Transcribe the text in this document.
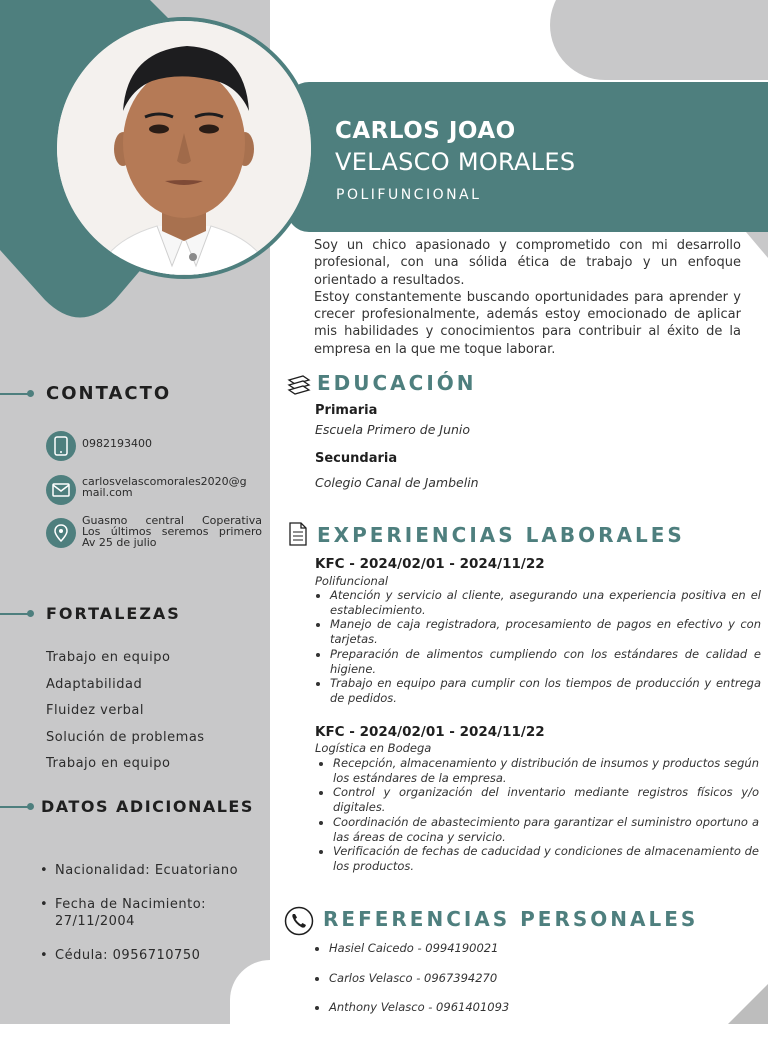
CARLOS JOAO
VELASCO MORALES
POLIFUNCIONAL
CONTACTO
0982193400
carlosvelascomorales2020@g
mail.com
Guasmo central Coperativa
Los últimos seremos primero
Av 25 de julio
FORTALEZAS
Trabajo en equipo
Adaptabilidad
Fluidez verbal
Solución de problemas
Trabajo en equipo
DATOS ADICIONALES
• Nacionalidad: Ecuatoriano
• Fecha de Nacimiento:
27/11/2004
• Cédula: 0956710750
Soy un chico apasionado y comprometido con mi desarrollo profesional, con una sólida ética de trabajo y un enfoque orientado a resultados.
Estoy constantemente buscando oportunidades para aprender y crecer profesionalmente, además estoy emocionado de aplicar mis habilidades y conocimientos para contribuir al éxito de la empresa en la que me toque laborar.
EDUCACIÓN
Primaria
Escuela Primero de Junio
Secundaria
Colegio Canal de Jambelin
EXPERIENCIAS LABORALES
KFC - 2024/02/01 - 2024/11/22
Polifuncional
• Atención y servicio al cliente, asegurando una experiencia positiva en el establecimiento.
• Manejo de caja registradora, procesamiento de pagos en efectivo y con tarjetas.
• Preparación de alimentos cumpliendo con los estándares de calidad e higiene.
• Trabajo en equipo para cumplir con los tiempos de producción y entrega de pedidos.
KFC - 2024/02/01 - 2024/11/22
Logística en Bodega
• Recepción, almacenamiento y distribución de insumos y productos según los estándares de la empresa.
• Control y organización del inventario mediante registros físicos y/o digitales.
• Coordinación de abastecimiento para garantizar el suministro oportuno a las áreas de cocina y servicio.
• Verificación de fechas de caducidad y condiciones de almacenamiento de los productos.
REFERENCIAS PERSONALES
• Hasiel Caicedo - 0994190021
• Carlos Velasco - 0967394270
• Anthony Velasco - 0961401093
